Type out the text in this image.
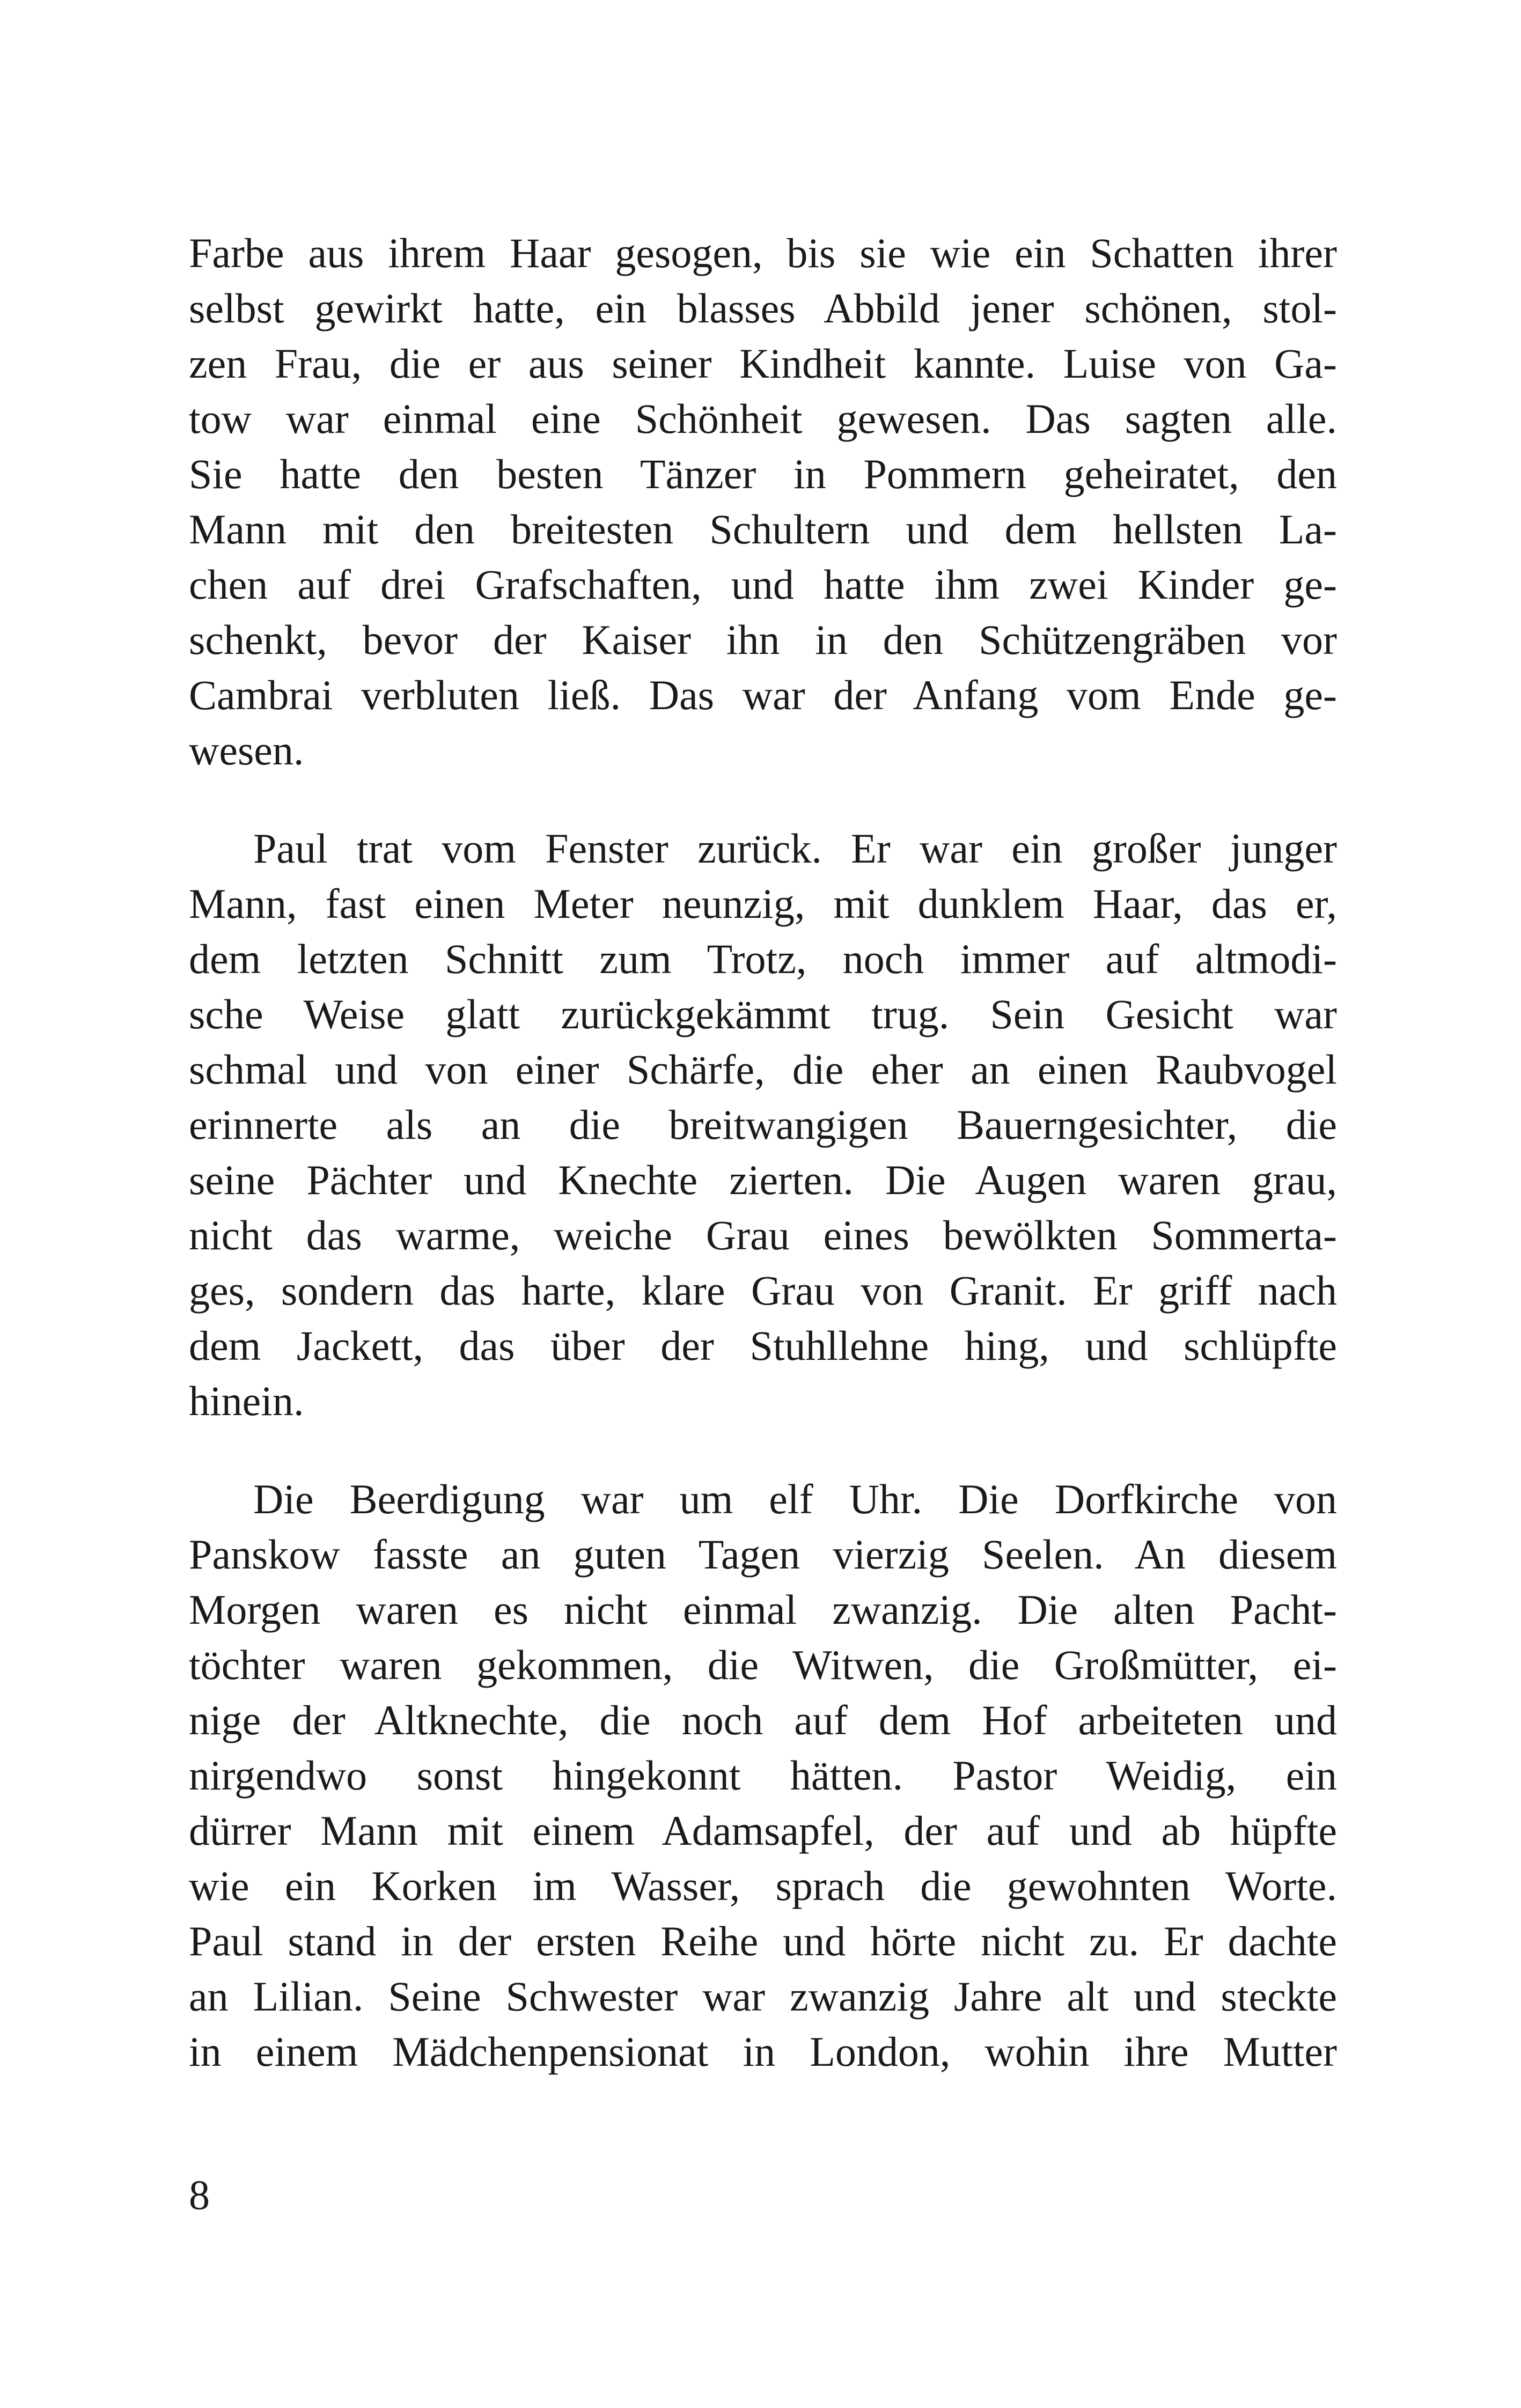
Farbe aus ihrem Haar gesogen, bis sie wie ein Schatten ihrer
selbst gewirkt hatte, ein blasses Abbild jener schönen, stol-
zen Frau, die er aus seiner Kindheit kannte. Luise von Ga-
tow war einmal eine Schönheit gewesen. Das sagten alle.
Sie hatte den besten Tänzer in Pommern geheiratet, den
Mann mit den breitesten Schultern und dem hellsten La-
chen auf drei Grafschaften, und hatte ihm zwei Kinder ge-
schenkt, bevor der Kaiser ihn in den Schützengräben vor
Cambrai verbluten ließ. Das war der Anfang vom Ende ge-
wesen.
Paul trat vom Fenster zurück. Er war ein großer junger
Mann, fast einen Meter neunzig, mit dunklem Haar, das er,
dem letzten Schnitt zum Trotz, noch immer auf altmodi-
sche Weise glatt zurückgekämmt trug. Sein Gesicht war
schmal und von einer Schärfe, die eher an einen Raubvogel
erinnerte als an die breitwangigen Bauerngesichter, die
seine Pächter und Knechte zierten. Die Augen waren grau,
nicht das warme, weiche Grau eines bewölkten Sommerta-
ges, sondern das harte, klare Grau von Granit. Er griff nach
dem Jackett, das über der Stuhllehne hing, und schlüpfte
hinein.
Die Beerdigung war um elf Uhr. Die Dorfkirche von
Panskow fasste an guten Tagen vierzig Seelen. An diesem
Morgen waren es nicht einmal zwanzig. Die alten Pacht-
töchter waren gekommen, die Witwen, die Großmütter, ei-
nige der Altknechte, die noch auf dem Hof arbeiteten und
nirgendwo sonst hingekonnt hätten. Pastor Weidig, ein
dürrer Mann mit einem Adamsapfel, der auf und ab hüpfte
wie ein Korken im Wasser, sprach die gewohnten Worte.
Paul stand in der ersten Reihe und hörte nicht zu. Er dachte
an Lilian. Seine Schwester war zwanzig Jahre alt und steckte
in einem Mädchenpensionat in London, wohin ihre Mutter
8
